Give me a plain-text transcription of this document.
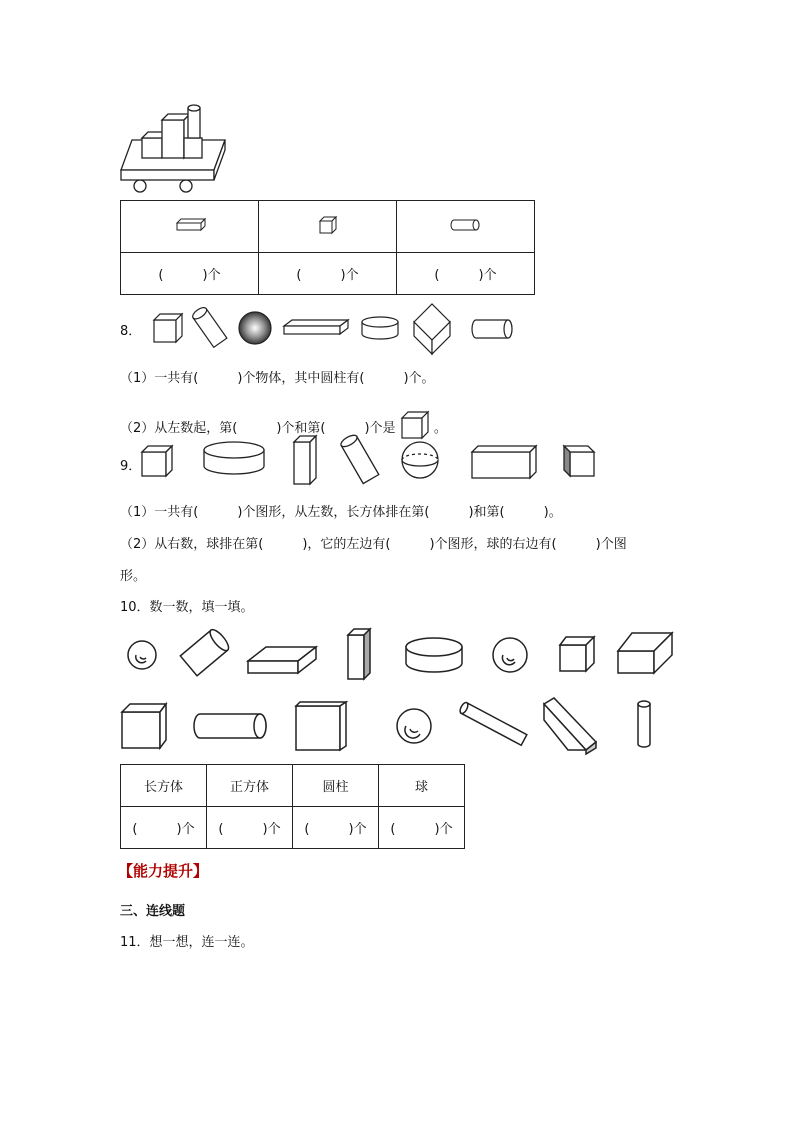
(　　　)个	(　　　)个	(　　　)个
8．
（1）一共有(　　　)个物体，其中圆柱有(　　　)个。
（2）从左数起，第(　　　)个和第(　　　)个是	。
9．
（1）一共有(　　　)个图形，从左数，长方体排在第(　　　)和第(　　　)。
（2）从右数，球排在第(　　　)，它的左边有(　　　)个图形，球的右边有(　　　)个图
形。
10．数一数，填一填。
长方体	正方体	圆柱	球
(　　　)个	(　　　)个	(　　　)个	(　　　)个
【能力提升】
三、连线题
11．想一想，连一连。
